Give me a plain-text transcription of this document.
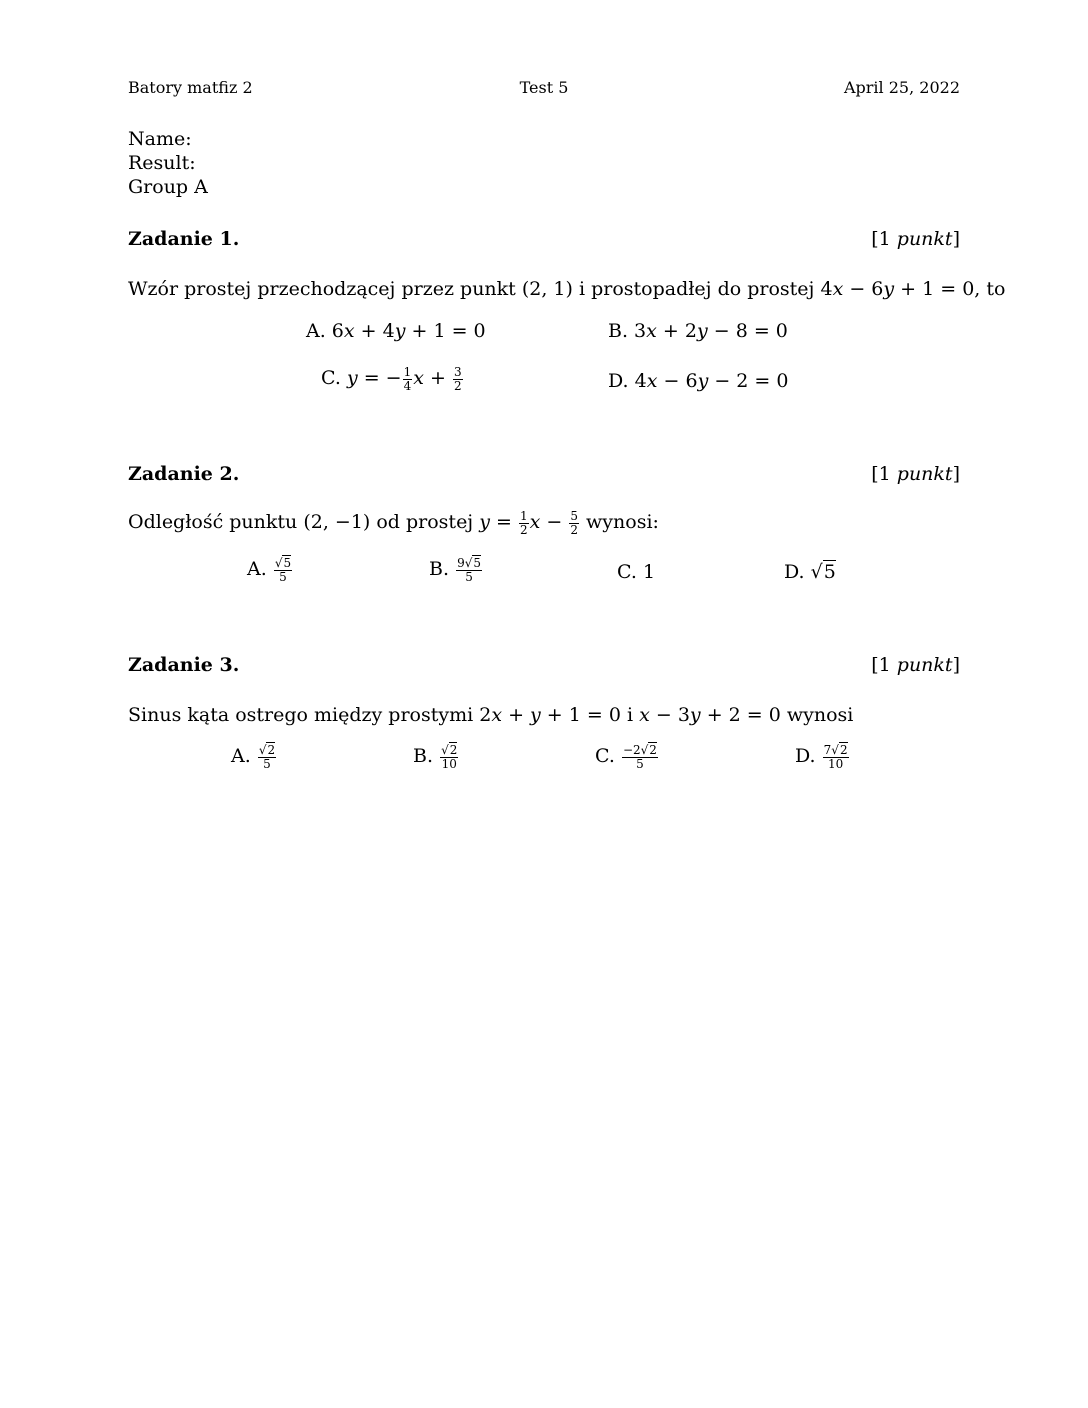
Batory matfiz 2	Test 5	April 25, 2022
Name:
Result:
Group A
Zadanie 1.	[1 punkt]
Wzór prostej przechodzącej przez punkt (2, 1) i prostopadłej do prostej 4x − 6y + 1 = 0, to
A. 6x + 4y + 1 = 0	B. 3x + 2y − 8 = 0
C. y = − $\frac{1}{4}$ $x + \frac{3}{2}$	D. 4x − 6y − 2 = 0
Zadanie 2.	[1 punkt]
Odległość punktu (2, −1) od prostej $y = \frac{1}{2}$ $x - \frac{5}{2}$ wynosi:
A. $\frac{√5}{5}$	B. $\frac{9√5}{5}$	C. 1	D. √5
Zadanie 3.	[1 punkt]
Sinus kąta ostrego między prostymi 2x + y + 1 = 0 i x − 3y + 2 = 0 wynosi
A. $\frac{√2}{5}$	B. $\frac{√2}{10}$	C. $\frac{-2√2}{5}$	D. $\frac{7√2}{10}$
